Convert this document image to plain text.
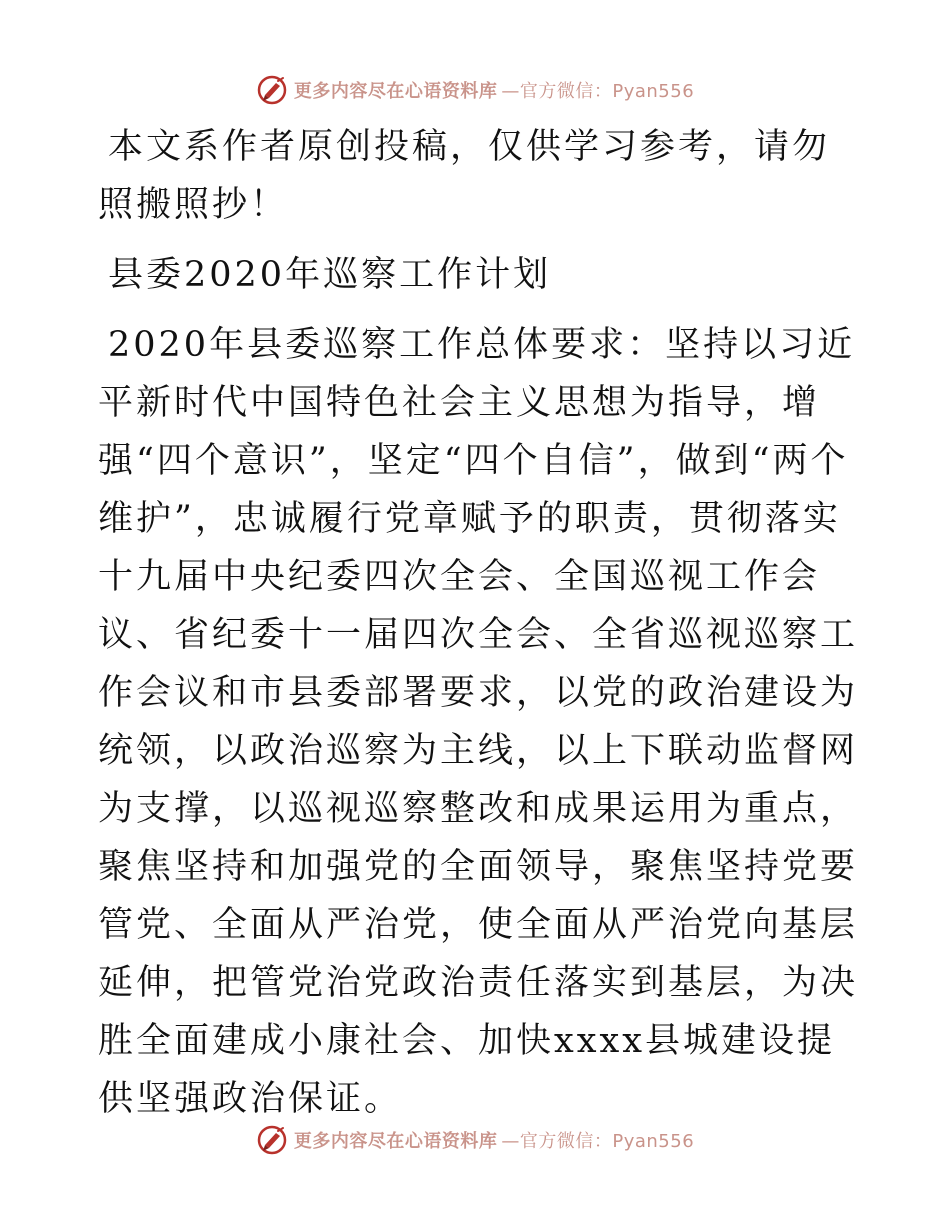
更多内容尽在心语资料库 —官方微信：Pyan556

本文系作者原创投稿，仅供学习参考，请勿照搬照抄！

县委2020年巡察工作计划

2020年县委巡察工作总体要求：坚持以习近平新时代中国特色社会主义思想为指导，增强“四个意识”，坚定“四个自信”，做到“两个维护”，忠诚履行党章赋予的职责，贯彻落实十九届中央纪委四次全会、全国巡视工作会议、省纪委十一届四次全会、全省巡视巡察工作会议和市县委部署要求，以党的政治建设为统领，以政治巡察为主线，以上下联动监督网为支撑，以巡视巡察整改和成果运用为重点，聚焦坚持和加强党的全面领导，聚焦坚持党要管党、全面从严治党，使全面从严治党向基层延伸，把管党治党政治责任落实到基层，为决胜全面建成小康社会、加快xxxx县城建设提供坚强政治保证。

更多内容尽在心语资料库 —官方微信：Pyan556
